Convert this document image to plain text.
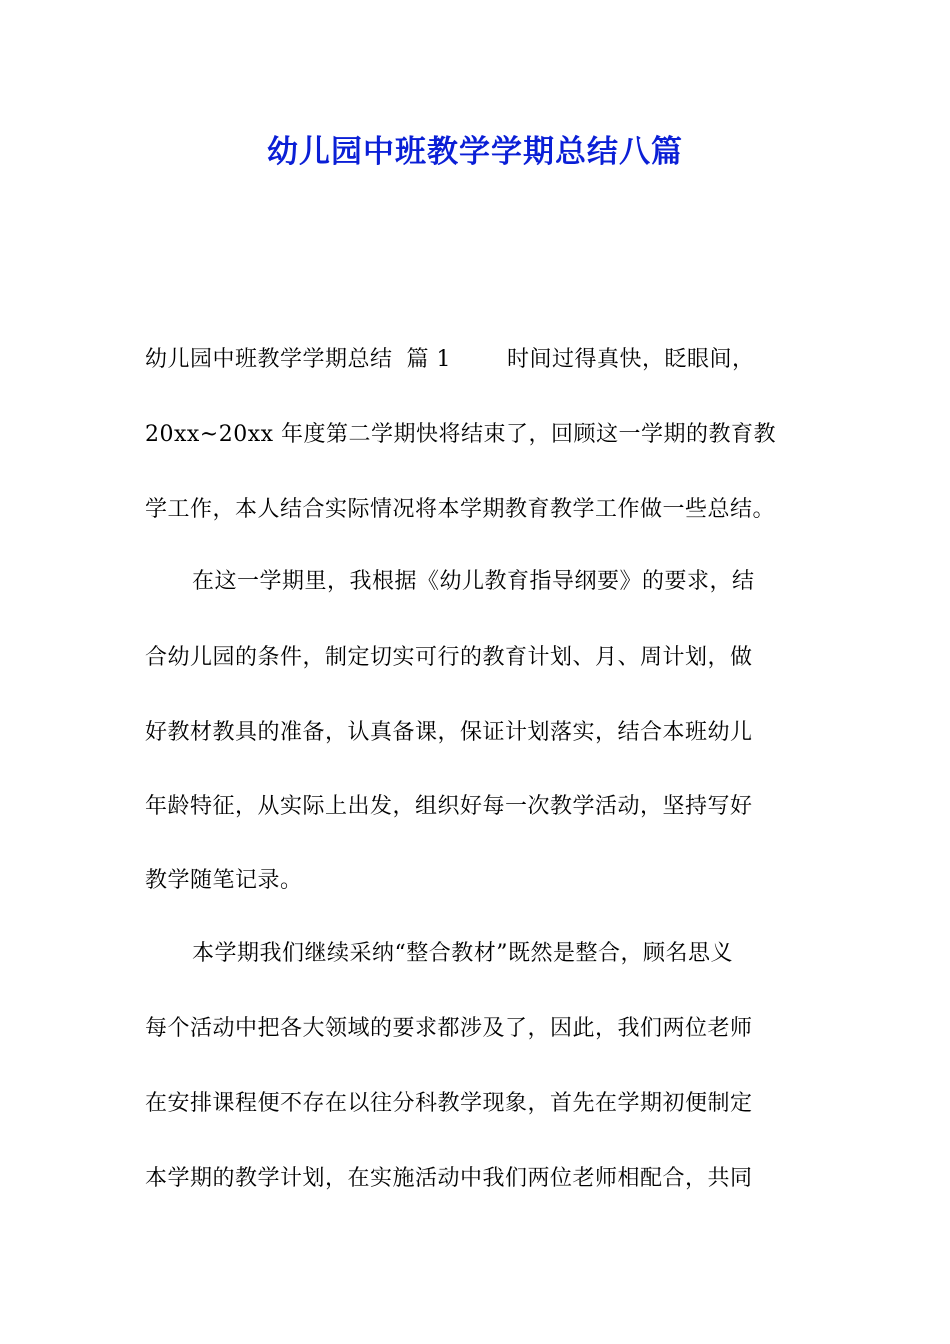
幼儿园中班教学学期总结八篇
幼儿园中班教学学期总结 篇 1	时间过得真快，眨眼间，
20xx~20xx 年度第二学期快将结束了，回顾这一学期的教育教
学工作，本人结合实际情况将本学期教育教学工作做一些总结。
在这一学期里，我根据《幼儿教育指导纲要》的要求，结
合幼儿园的条件，制定切实可行的教育计划、月、周计划，做
好教材教具的准备，认真备课，保证计划落实，结合本班幼儿
年龄特征，从实际上出发，组织好每一次教学活动，坚持写好
教学随笔记录。
本学期我们继续采纳“整合教材”既然是整合，顾名思义
每个活动中把各大领域的要求都涉及了，因此，我们两位老师
在安排课程便不存在以往分科教学现象，首先在学期初便制定
本学期的教学计划，在实施活动中我们两位老师相配合，共同
